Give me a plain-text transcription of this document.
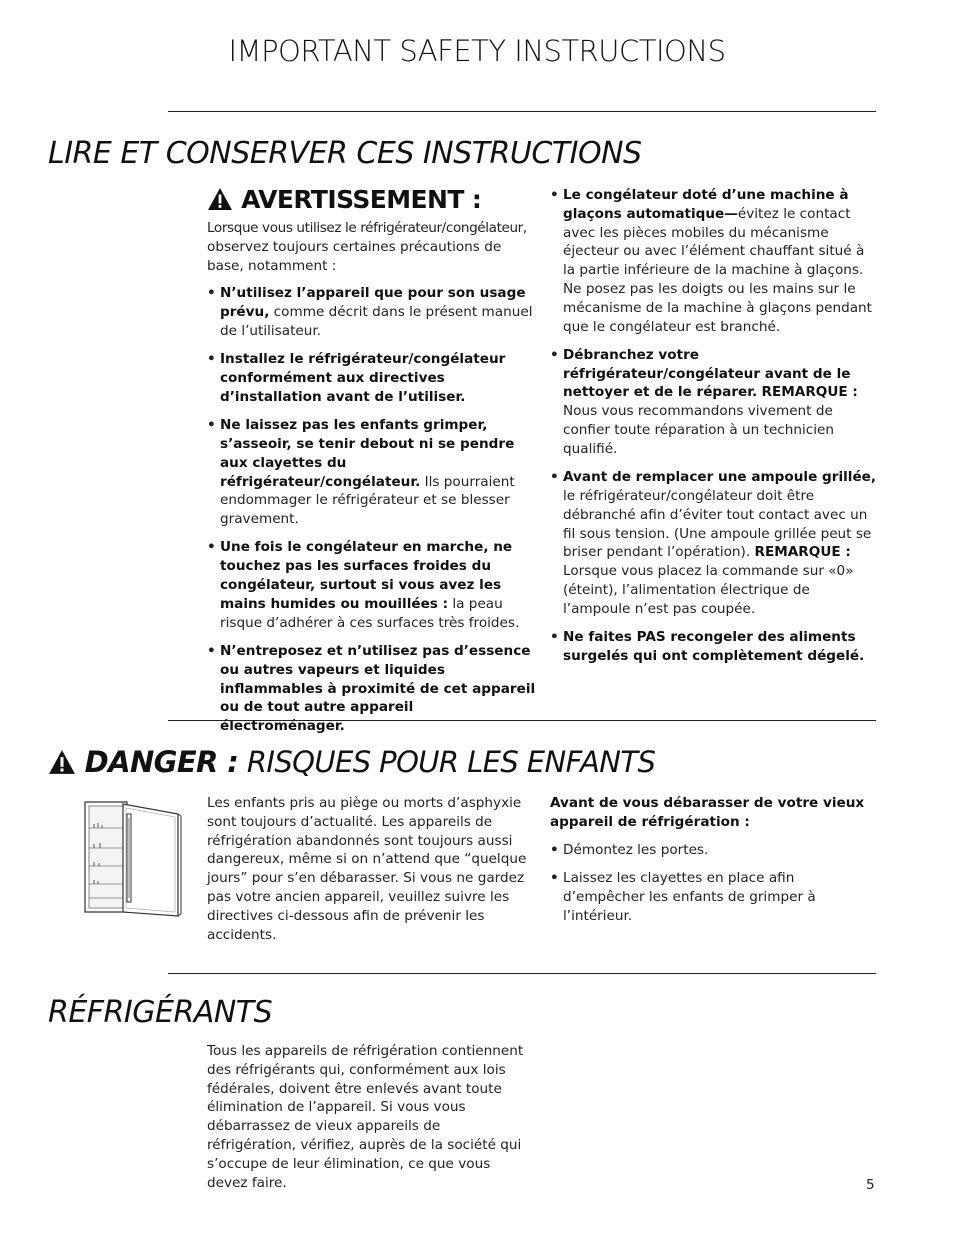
IMPORTANT SAFETY INSTRUCTIONS
LIRE ET CONSERVER CES INSTRUCTIONS
AVERTISSEMENT :
Lorsque vous utilisez le réfrigérateur/congélateur, observez toujours certaines précautions de base, notamment :
• N’utilisez l’appareil que pour son usage prévu, comme décrit dans le présent manuel de l’utilisateur.
• Installez le réfrigérateur/congélateur conformément aux directives d’installation avant de l’utiliser.
• Ne laissez pas les enfants grimper, s’asseoir, se tenir debout ni se pendre aux clayettes du réfrigérateur/congélateur. Ils pourraient endommager le réfrigérateur et se blesser gravement.
• Une fois le congélateur en marche, ne touchez pas les surfaces froides du congélateur, surtout si vous avez les mains humides ou mouillées : la peau risque d’adhérer à ces surfaces très froides.
• N’entreposez et n’utilisez pas d’essence ou autres vapeurs et liquides inflammables à proximité de cet appareil ou de tout autre appareil électroménager.
• Le congélateur doté d’une machine à glaçons automatique—évitez le contact avec les pièces mobiles du mécanisme éjecteur ou avec l’élément chauffant situé à la partie inférieure de la machine à glaçons. Ne posez pas les doigts ou les mains sur le mécanisme de la machine à glaçons pendant que le congélateur est branché.
• Débranchez votre réfrigérateur/congélateur avant de le nettoyer et de le réparer. REMARQUE : Nous vous recommandons vivement de confier toute réparation à un technicien qualifié.
• Avant de remplacer une ampoule grillée, le réfrigérateur/congélateur doit être débranché afin d’éviter tout contact avec un fil sous tension. (Une ampoule grillée peut se briser pendant l’opération). REMARQUE : Lorsque vous placez la commande sur «0» (éteint), l’alimentation électrique de l’ampoule n’est pas coupée.
• Ne faites PAS recongeler des aliments surgelés qui ont complètement dégelé.
DANGER : RISQUES POUR LES ENFANTS
Les enfants pris au piège ou morts d’asphyxie sont toujours d’actualité. Les appareils de réfrigération abandonnés sont toujours aussi dangereux, même si on n’attend que “quelque jours” pour s’en débarasser. Si vous ne gardez pas votre ancien appareil, veuillez suivre les directives ci-dessous afin de prévenir les accidents.
Avant de vous débarasser de votre vieux appareil de réfrigération :
• Démontez les portes.
• Laissez les clayettes en place afin d’empêcher les enfants de grimper à l’intérieur.
RÉFRIGÉRANTS
Tous les appareils de réfrigération contiennent des réfrigérants qui, conformément aux lois fédérales, doivent être enlevés avant toute élimination de l’appareil. Si vous vous débarrassez de vieux appareils de réfrigération, vérifiez, auprès de la société qui s’occupe de leur élimination, ce que vous devez faire.	5
